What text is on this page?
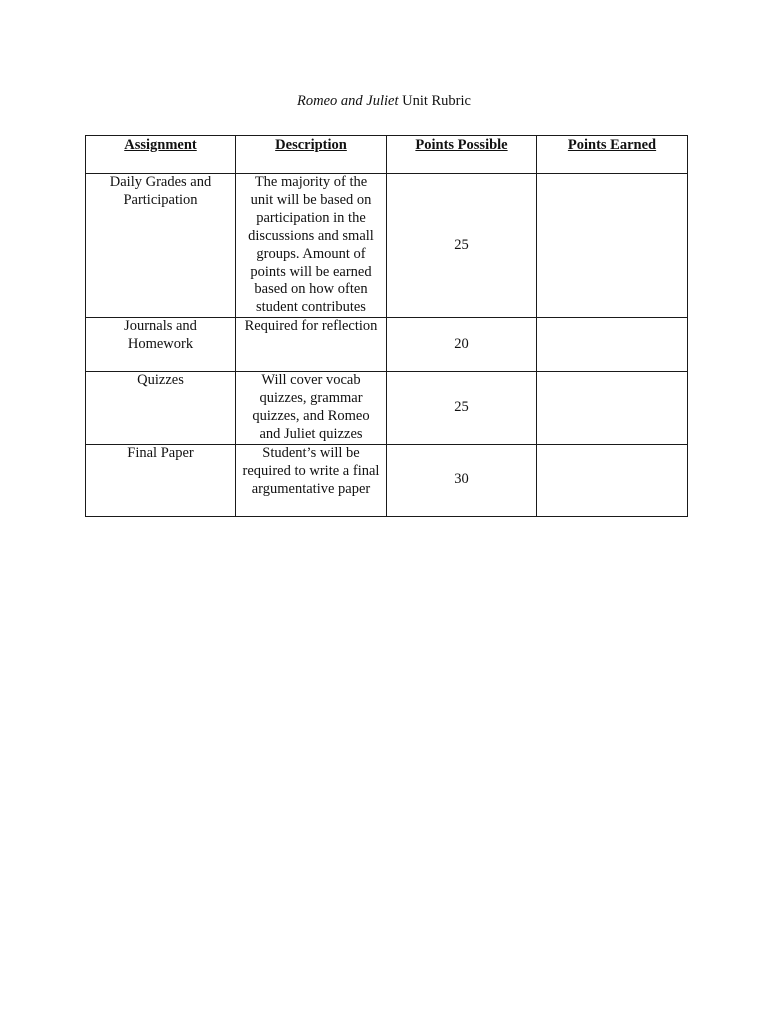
Romeo and Juliet Unit Rubric
Assignment	Description	Points Possible	Points Earned
Daily Grades and Participation	The majority of the unit will be based on participation in the discussions and small groups. Amount of points will be earned based on how often student contributes	25	
Journals and Homework	Required for reflection	20	
Quizzes	Will cover vocab quizzes, grammar quizzes, and Romeo and Juliet quizzes	25	
Final Paper	Student’s will be required to write a final argumentative paper	30	
